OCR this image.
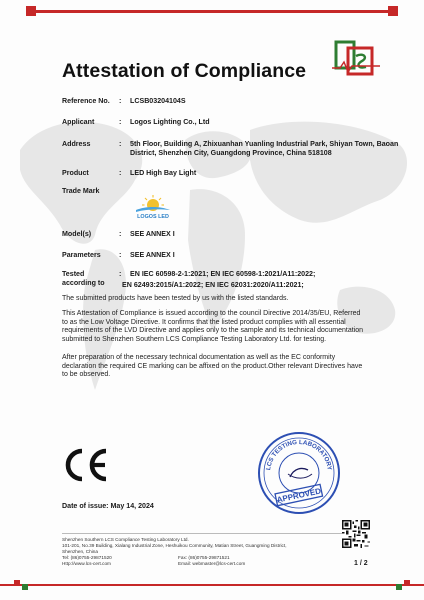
Attestation of Compliance
Reference No.	: LCSB03204104S
Applicant	: Logos Lighting Co., Ltd
Address	: 5th Floor, Building A, Zhixuanhan Yuanling Industrial Park, Shiyan Town, Baoan District, Shenzhen City, Guangdong Province, China 518108
Product	: LED High Bay Light
Trade Mark
LOGOS LED
Model(s)	: SEE ANNEX I
Parameters	: SEE ANNEX I
Tested
according to
: EN IEC 60598-2-1:2021; EN IEC 60598-1:2021/A11:2022;
EN 62493:2015/A1:2022; EN IEC 62031:2020/A11:2021;
The submitted products have been tested by us with the listed standards.
This Attestation of Compliance is issued according to the council Directive 2014/35/EU, Referred to as the Low Voltage Directive. It confirms that the listed product complies with all essential requirements of the LVD Directive and applies only to the sample and its technical documentation submitted to Shenzhen Southern LCS Compliance Testing Laboratory Ltd. for testing.
After preparation of the necessary technical documentation as well as the EC conformity declaration the required CE marking can be affixed on the product.Other relevant Directives have to be observed.
Date of issue: May 14, 2024
LCS TESTING LABORATORY
APPROVED
Shenzhen Southern LCS Compliance Testing Laboratory Ltd.
101-201, No.39 Building, Xialang Industrial Zone, Heshuikou Community, Matian Street, Guangming District,
Shenzhen, China
Tel: (86)0755-29871520	Fax: (86)0755-29871521
Http://www.lcs-cert.com	Email: webmaster@lcs-cert.com	1 / 2
